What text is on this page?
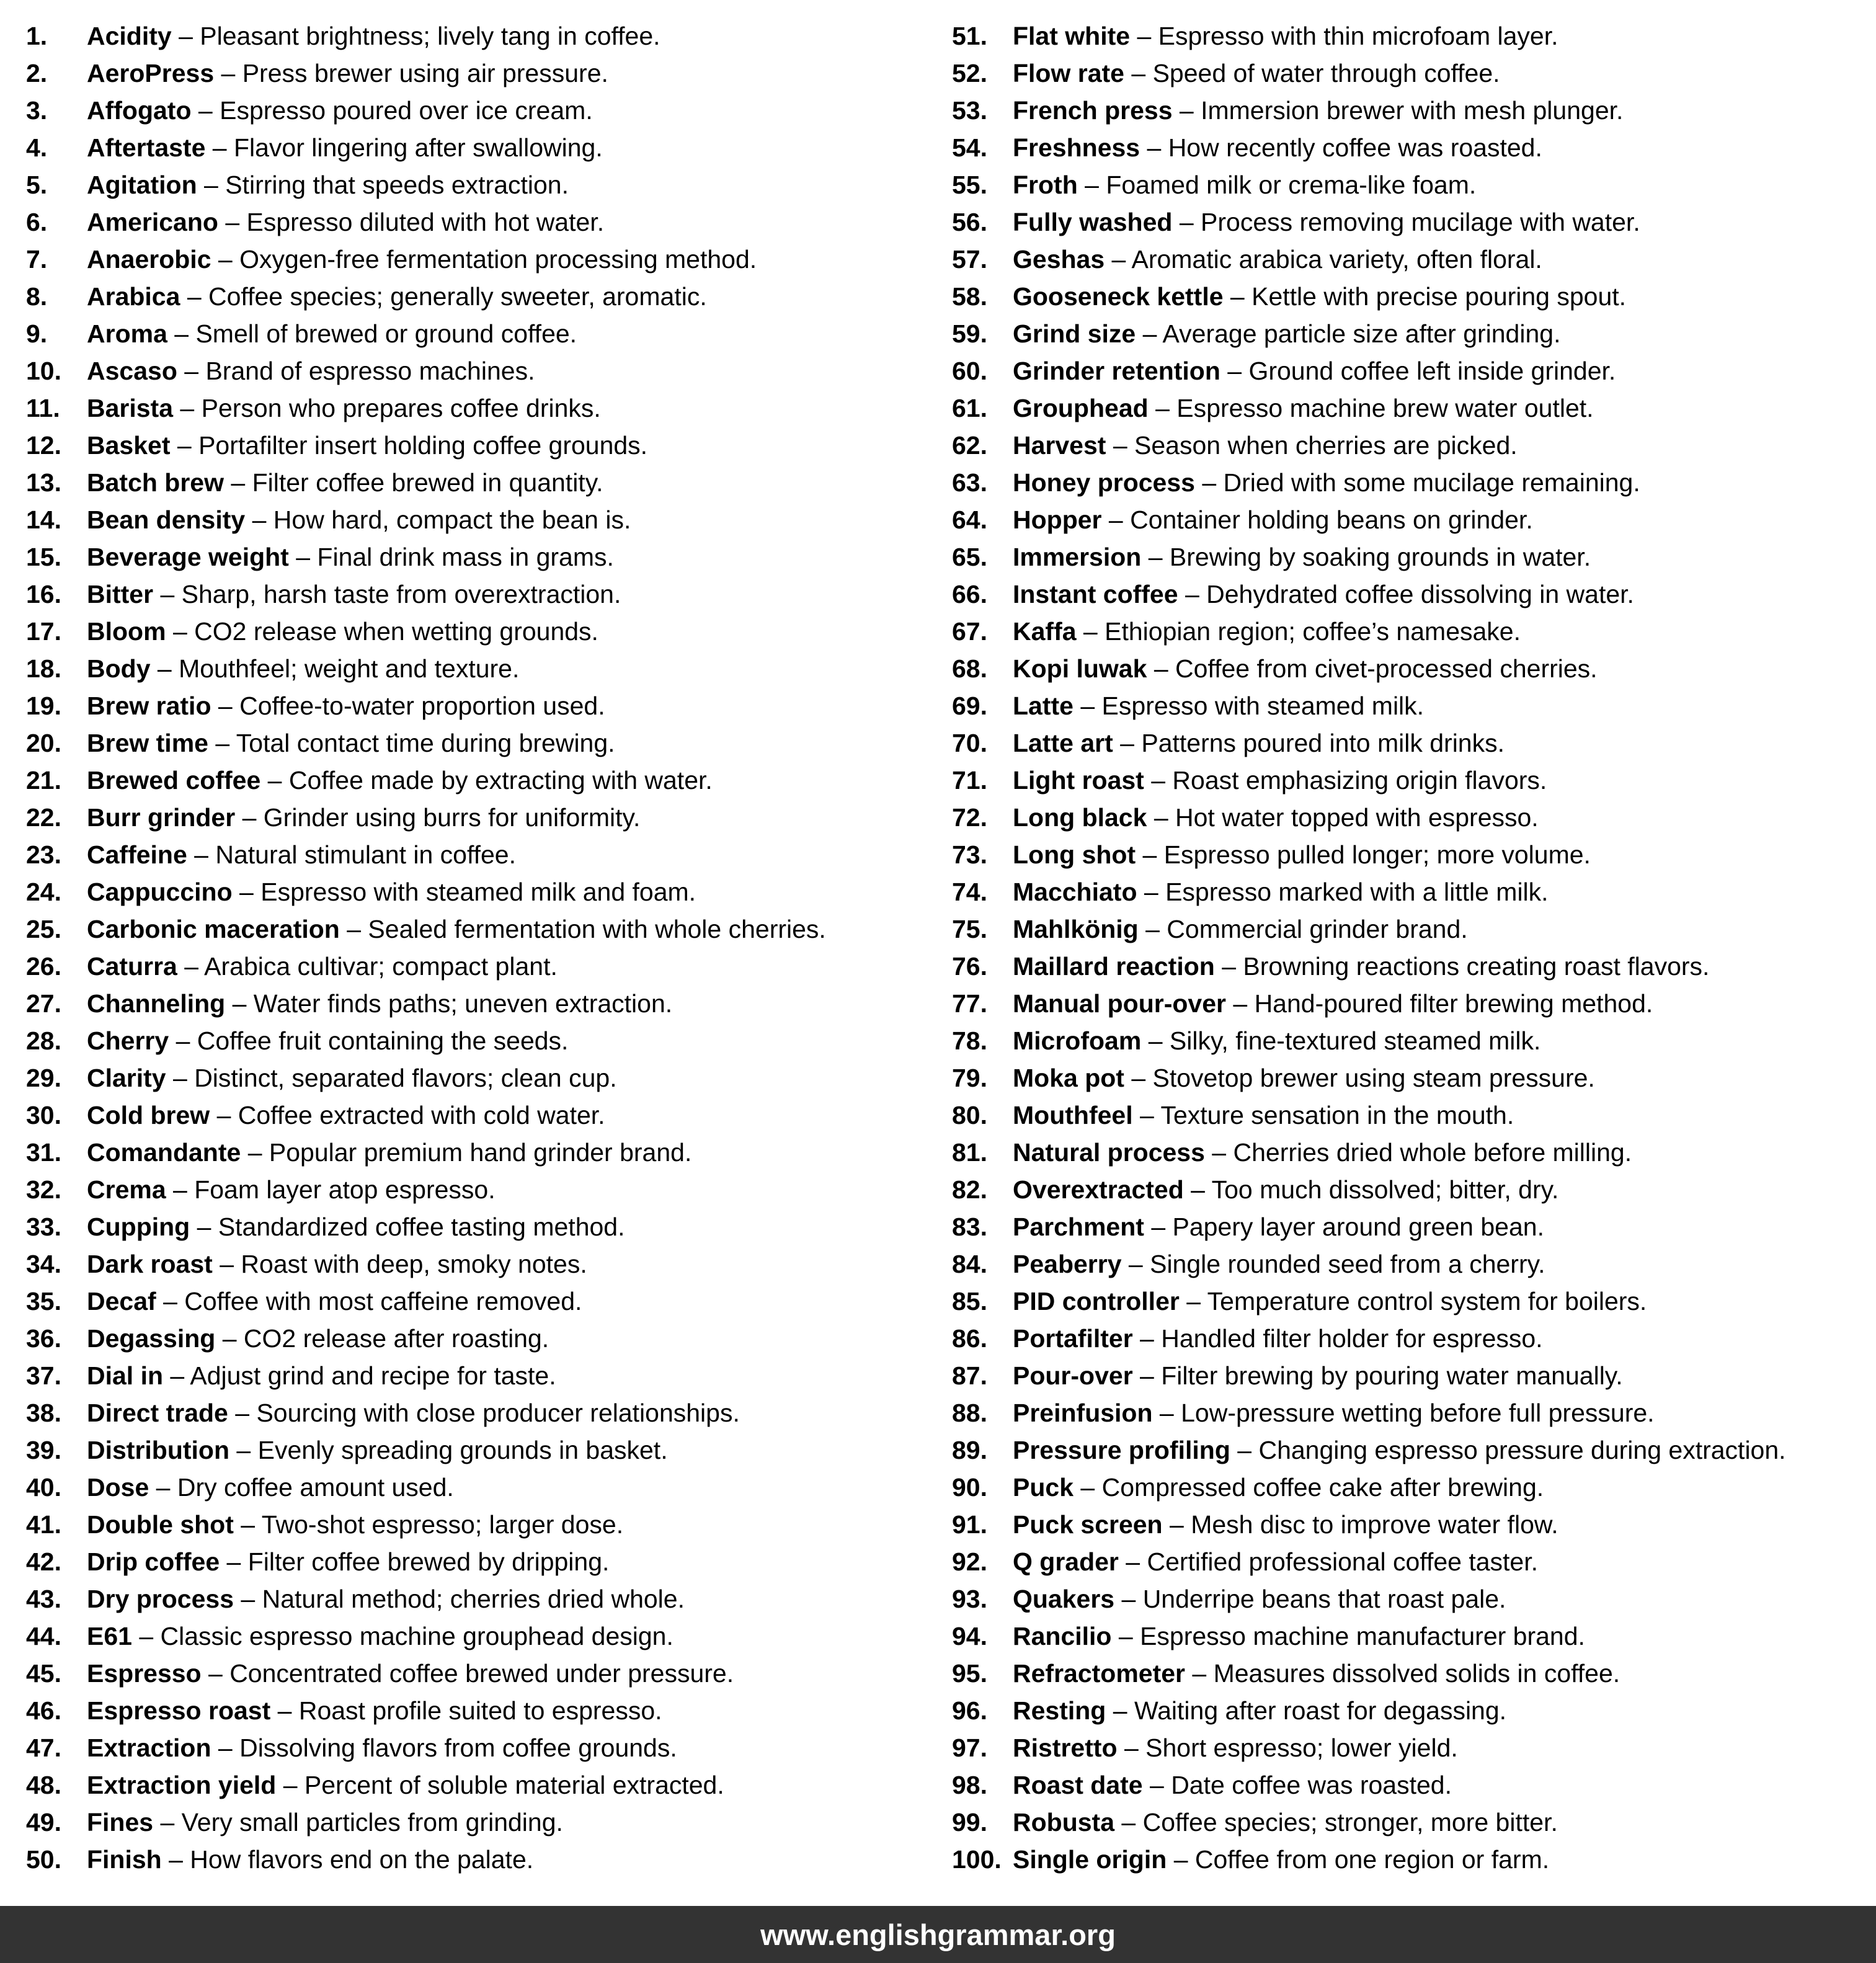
1.	Acidity – Pleasant brightness; lively tang in coffee.
2.	AeroPress – Press brewer using air pressure.
3.	Affogato – Espresso poured over ice cream.
4.	Aftertaste – Flavor lingering after swallowing.
5.	Agitation – Stirring that speeds extraction.
6.	Americano – Espresso diluted with hot water.
7.	Anaerobic – Oxygen-free fermentation processing method.
8.	Arabica – Coffee species; generally sweeter, aromatic.
9.	Aroma – Smell of brewed or ground coffee.
10.	Ascaso – Brand of espresso machines.
11.	Barista – Person who prepares coffee drinks.
12.	Basket – Portafilter insert holding coffee grounds.
13.	Batch brew – Filter coffee brewed in quantity.
14.	Bean density – How hard, compact the bean is.
15.	Beverage weight – Final drink mass in grams.
16.	Bitter – Sharp, harsh taste from overextraction.
17.	Bloom – CO2 release when wetting grounds.
18.	Body – Mouthfeel; weight and texture.
19.	Brew ratio – Coffee-to-water proportion used.
20.	Brew time – Total contact time during brewing.
21.	Brewed coffee – Coffee made by extracting with water.
22.	Burr grinder – Grinder using burrs for uniformity.
23.	Caffeine – Natural stimulant in coffee.
24.	Cappuccino – Espresso with steamed milk and foam.
25.	Carbonic maceration – Sealed fermentation with whole cherries.
26.	Caturra – Arabica cultivar; compact plant.
27.	Channeling – Water finds paths; uneven extraction.
28.	Cherry – Coffee fruit containing the seeds.
29.	Clarity – Distinct, separated flavors; clean cup.
30.	Cold brew – Coffee extracted with cold water.
31.	Comandante – Popular premium hand grinder brand.
32.	Crema – Foam layer atop espresso.
33.	Cupping – Standardized coffee tasting method.
34.	Dark roast – Roast with deep, smoky notes.
35.	Decaf – Coffee with most caffeine removed.
36.	Degassing – CO2 release after roasting.
37.	Dial in – Adjust grind and recipe for taste.
38.	Direct trade – Sourcing with close producer relationships.
39.	Distribution – Evenly spreading grounds in basket.
40.	Dose – Dry coffee amount used.
41.	Double shot – Two-shot espresso; larger dose.
42.	Drip coffee – Filter coffee brewed by dripping.
43.	Dry process – Natural method; cherries dried whole.
44.	E61 – Classic espresso machine grouphead design.
45.	Espresso – Concentrated coffee brewed under pressure.
46.	Espresso roast – Roast profile suited to espresso.
47.	Extraction – Dissolving flavors from coffee grounds.
48.	Extraction yield – Percent of soluble material extracted.
49.	Fines – Very small particles from grinding.
50.	Finish – How flavors end on the palate.
51.	Flat white – Espresso with thin microfoam layer.
52.	Flow rate – Speed of water through coffee.
53.	French press – Immersion brewer with mesh plunger.
54.	Freshness – How recently coffee was roasted.
55.	Froth – Foamed milk or crema-like foam.
56.	Fully washed – Process removing mucilage with water.
57.	Geshas – Aromatic arabica variety, often floral.
58.	Gooseneck kettle – Kettle with precise pouring spout.
59.	Grind size – Average particle size after grinding.
60.	Grinder retention – Ground coffee left inside grinder.
61.	Grouphead – Espresso machine brew water outlet.
62.	Harvest – Season when cherries are picked.
63.	Honey process – Dried with some mucilage remaining.
64.	Hopper – Container holding beans on grinder.
65.	Immersion – Brewing by soaking grounds in water.
66.	Instant coffee – Dehydrated coffee dissolving in water.
67.	Kaffa – Ethiopian region; coffee’s namesake.
68.	Kopi luwak – Coffee from civet-processed cherries.
69.	Latte – Espresso with steamed milk.
70.	Latte art – Patterns poured into milk drinks.
71.	Light roast – Roast emphasizing origin flavors.
72.	Long black – Hot water topped with espresso.
73.	Long shot – Espresso pulled longer; more volume.
74.	Macchiato – Espresso marked with a little milk.
75.	Mahlkönig – Commercial grinder brand.
76.	Maillard reaction – Browning reactions creating roast flavors.
77.	Manual pour-over – Hand-poured filter brewing method.
78.	Microfoam – Silky, fine-textured steamed milk.
79.	Moka pot – Stovetop brewer using steam pressure.
80.	Mouthfeel – Texture sensation in the mouth.
81.	Natural process – Cherries dried whole before milling.
82.	Overextracted – Too much dissolved; bitter, dry.
83.	Parchment – Papery layer around green bean.
84.	Peaberry – Single rounded seed from a cherry.
85.	PID controller – Temperature control system for boilers.
86.	Portafilter – Handled filter holder for espresso.
87.	Pour-over – Filter brewing by pouring water manually.
88.	Preinfusion – Low-pressure wetting before full pressure.
89.	Pressure profiling – Changing espresso pressure during extraction.
90.	Puck – Compressed coffee cake after brewing.
91.	Puck screen – Mesh disc to improve water flow.
92.	Q grader – Certified professional coffee taster.
93.	Quakers – Underripe beans that roast pale.
94.	Rancilio – Espresso machine manufacturer brand.
95.	Refractometer – Measures dissolved solids in coffee.
96.	Resting – Waiting after roast for degassing.
97.	Ristretto – Short espresso; lower yield.
98.	Roast date – Date coffee was roasted.
99.	Robusta – Coffee species; stronger, more bitter.
100. Single origin – Coffee from one region or farm.
www.englishgrammar.org
